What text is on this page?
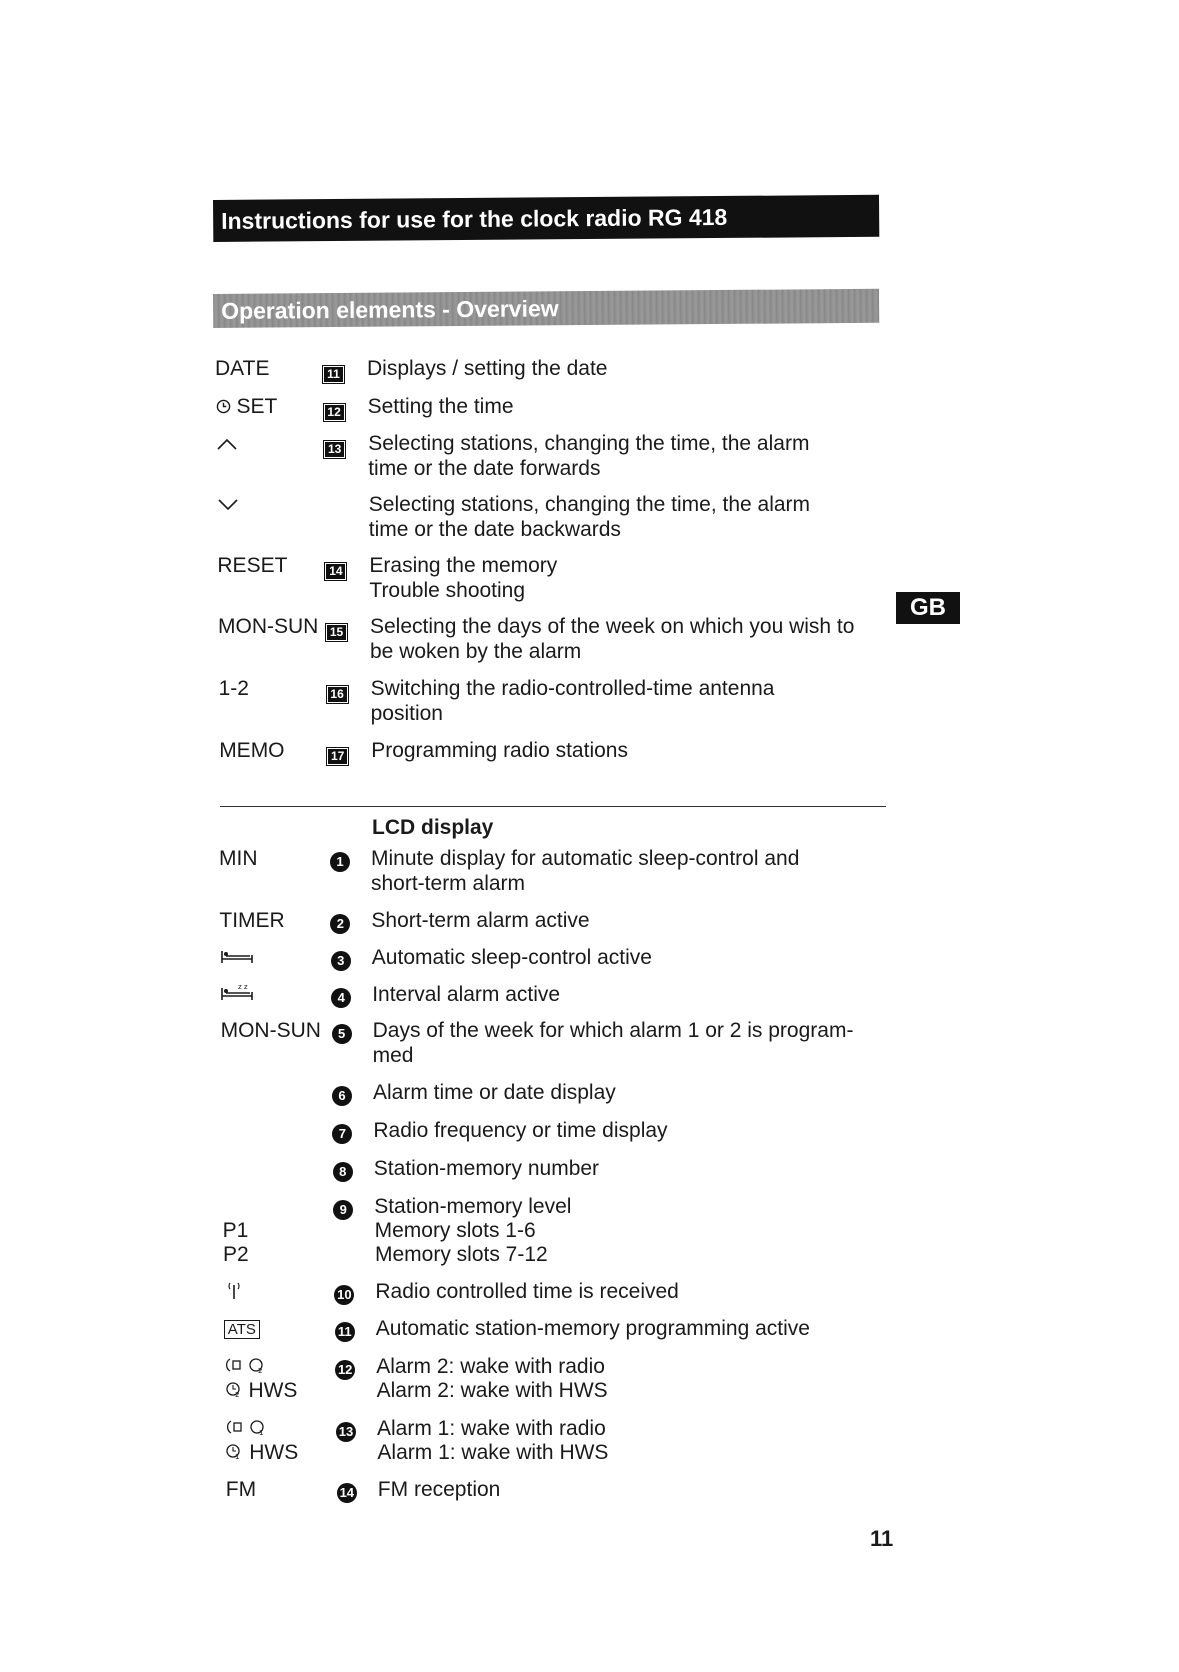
Instructions for use for the clock radio RG 418
Operation elements - Overview
GB
DATE	11 Displays / setting the date
SET	12 Setting the time
13 Selecting stations, changing the time, the alarm
time or the date forwards
Selecting stations, changing the time, the alarm
time or the date backwards
RESET	14 Erasing the memory
Trouble shooting
MON-SUN 15 Selecting the days of the week on which you wish to
be woken by the alarm
1-2	16 Switching the radio-controlled-time antenna
position
MEMO	17 Programming radio stations
LCD display
MIN	1	Minute display for automatic sleep-control and
short-term alarm
TIMER	2	Short-term alarm active
3	Automatic sleep-control active
z z
4	Interval alarm active
MON-SUN	5	Days of the week for which alarm 1 or 2 is program-
med
6	Alarm time or date display
7	Radio frequency or time display
8	Station-memory number
9	Station-memory level
P1	Memory slots 1-6
P2	Memory slots 7-12
10 Radio controlled time is received
ATS	11 Automatic station-memory programming active
2	12 Alarm 2: wake with radio
2 HWS	Alarm 2: wake with HWS
1	13 Alarm 1: wake with radio
1 HWS	Alarm 1: wake with HWS
FM	14 FM reception
11
